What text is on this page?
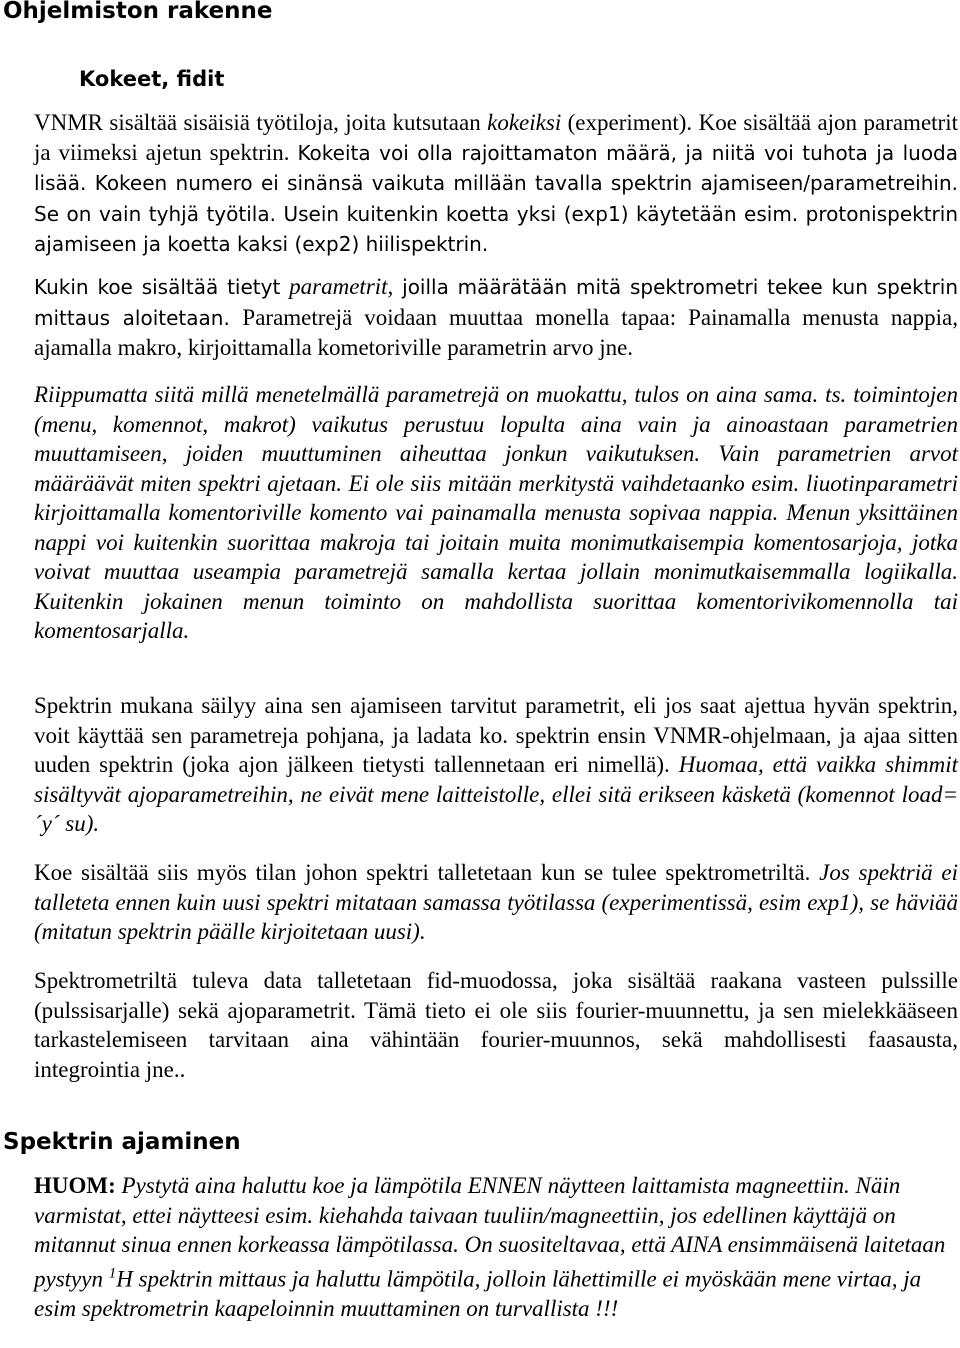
Ohjelmiston rakenne
Kokeet, fidit

VNMR sisältää sisäisiä työtiloja, joita kutsutaan kokeiksi (experiment). Koe sisältää ajon parametrit ja viimeksi ajetun spektrin. Kokeita voi olla rajoittamaton määrä, ja niitä voi tuhota ja luoda lisää. Kokeen numero ei sinänsä vaikuta millään tavalla spektrin ajamiseen/parametreihin. Se on vain tyhjä työtila. Usein kuitenkin koetta yksi (exp1) käytetään esim. protonispektrin ajamiseen ja koetta kaksi (exp2) hiilispektrin.

Kukin koe sisältää tietyt parametrit, joilla määrätään mitä spektrometri tekee kun spektrin mittaus aloitetaan. Parametrejä voidaan muuttaa monella tapaa: Painamalla menusta nappia, ajamalla makro, kirjoittamalla kometoriville parametrin arvo jne.

Riippumatta siitä millä menetelmällä parametrejä on muokattu, tulos on aina sama. ts. toimintojen (menu, komennot, makrot) vaikutus perustuu lopulta aina vain ja ainoastaan parametrien muuttamiseen, joiden muuttuminen aiheuttaa jonkun vaikutuksen. Vain parametrien arvot määräävät miten spektri ajetaan. Ei ole siis mitään merkitystä vaihdetaanko esim. liuotinparametri kirjoittamalla komentoriville komento vai painamalla menusta sopivaa nappia. Menun yksittäinen nappi voi kuitenkin suorittaa makroja tai joitain muita monimutkaisempia komentosarjoja, jotka voivat muuttaa useampia parametrejä samalla kertaa jollain monimutkaisemmalla logiikalla. Kuitenkin jokainen menun toiminto on mahdollista suorittaa komentorivikomennolla tai komentosarjalla.

Spektrin mukana säilyy aina sen ajamiseen tarvitut parametrit, eli jos saat ajettua hyvän spektrin, voit käyttää sen parametreja pohjana, ja ladata ko. spektrin ensin VNMR-ohjelmaan, ja ajaa sitten uuden spektrin (joka ajon jälkeen tietysti tallennetaan eri nimellä). Huomaa, että vaikka shimmit sisältyvät ajoparametreihin, ne eivät mene laitteistolle, ellei sitä erikseen käsketä (komennot load=´y´ su).

Koe sisältää siis myös tilan johon spektri talletetaan kun se tulee spektrometriltä. Jos spektriä ei talleteta ennen kuin uusi spektri mitataan samassa työtilassa (experimentissä, esim exp1), se häviää (mitatun spektrin päälle kirjoitetaan uusi).

Spektrometriltä tuleva data talletetaan fid-muodossa, joka sisältää raakana vasteen pulssille (pulssisarjalle) sekä ajoparametrit. Tämä tieto ei ole siis fourier-muunnettu, ja sen mielekkääseen tarkastelemiseen tarvitaan aina vähintään fourier-muunnos, sekä mahdollisesti faasausta, integrointia jne..

Spektrin ajaminen

HUOM: Pystytä aina haluttu koe ja lämpötila ENNEN näytteen laittamista magneettiin. Näin varmistat, ettei näytteesi esim. kiehahda taivaan tuuliin/magneettiin, jos edellinen käyttäjä on mitannut sinua ennen korkeassa lämpötilassa. On suositeltavaa, että AINA ensimmäisenä laitetaan pystyyn $^1$H spektrin mittaus ja haluttu lämpötila, jolloin lähettimille ei myöskään mene virtaa, ja esim spektrometrin kaapeloinnin muuttaminen on turvallista !!!
